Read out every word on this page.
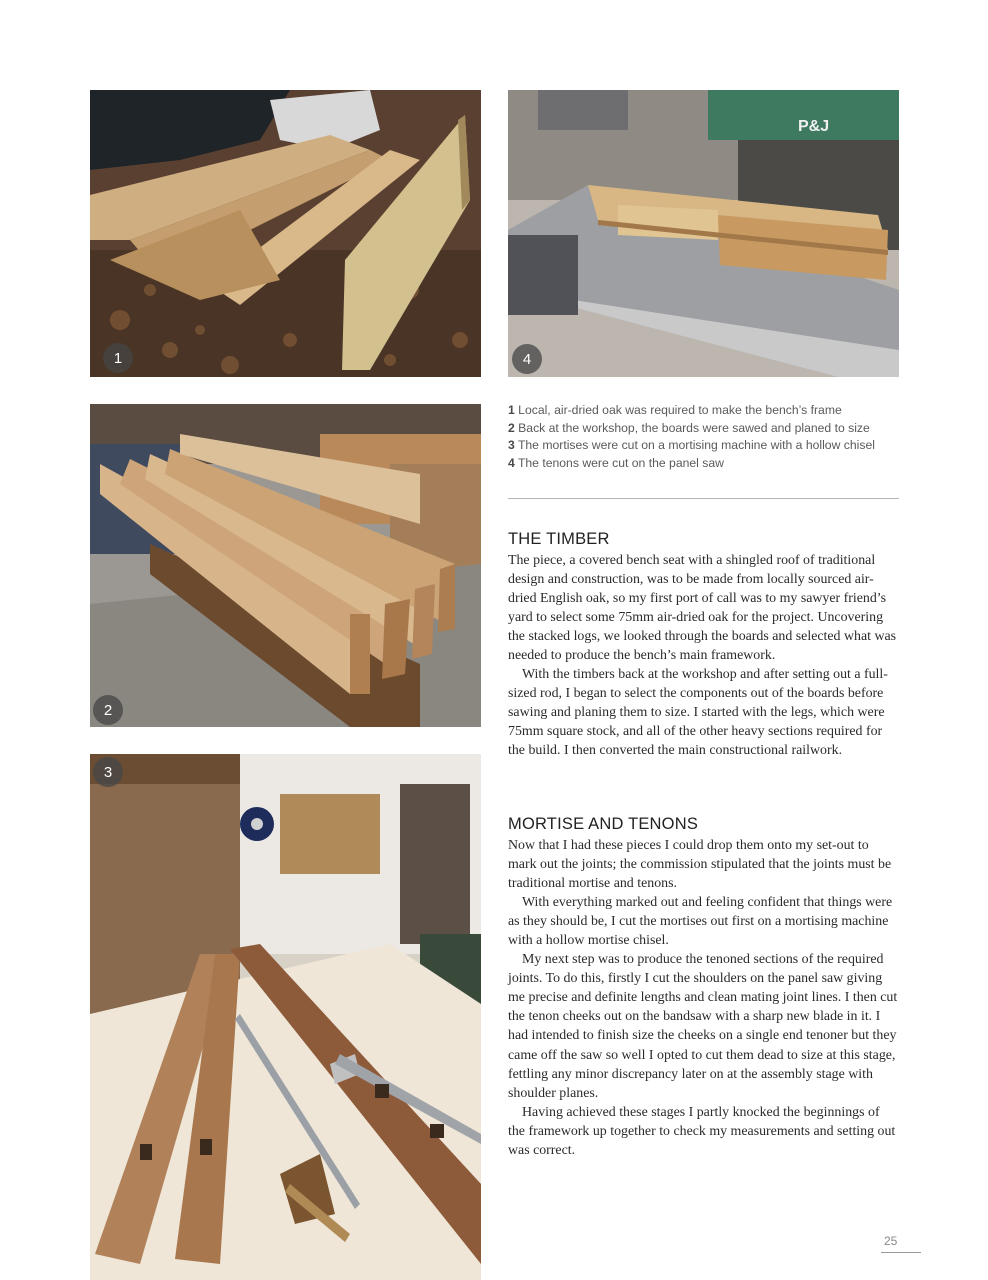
1
P&J
4
2
3
1 Local, air-dried oak was required to make the bench’s frame
2 Back at the workshop, the boards were sawed and planed to size
3 The mortises were cut on a mortising machine with a hollow chisel
4 The tenons were cut on the panel saw
THE TIMBER

The piece, a covered bench seat with a shingled roof of traditional design and construction, was to be made from locally sourced air-dried English oak, so my first port of call was to my sawyer friend’s yard to select some 75mm air-dried oak for the project. Uncovering the stacked logs, we looked through the boards and selected what was needed to produce the bench’s main framework.

With the timbers back at the workshop and after setting out a full-sized rod, I began to select the components out of the boards before sawing and planing them to size. I started with the legs, which were 75mm square stock, and all of the other heavy sections required for the build. I then converted the main constructional railwork.

MORTISE AND TENONS

Now that I had these pieces I could drop them onto my set-out to mark out the joints; the commission stipulated that the joints must be traditional mortise and tenons.

With everything marked out and feeling confident that things were as they should be, I cut the mortises out first on a mortising machine with a hollow mortise chisel.

My next step was to produce the tenoned sections of the required joints. To do this, firstly I cut the shoulders on the panel saw giving me precise and definite lengths and clean mating joint lines. I then cut the tenon cheeks out on the bandsaw with a sharp new blade in it. I had intended to finish size the cheeks on a single end tenoner but they came off the saw so well I opted to cut them dead to size at this stage, fettling any minor discrepancy later on at the assembly stage with shoulder planes.

Having achieved these stages I partly knocked the beginnings of the framework up together to check my measurements and setting out was correct.

25
